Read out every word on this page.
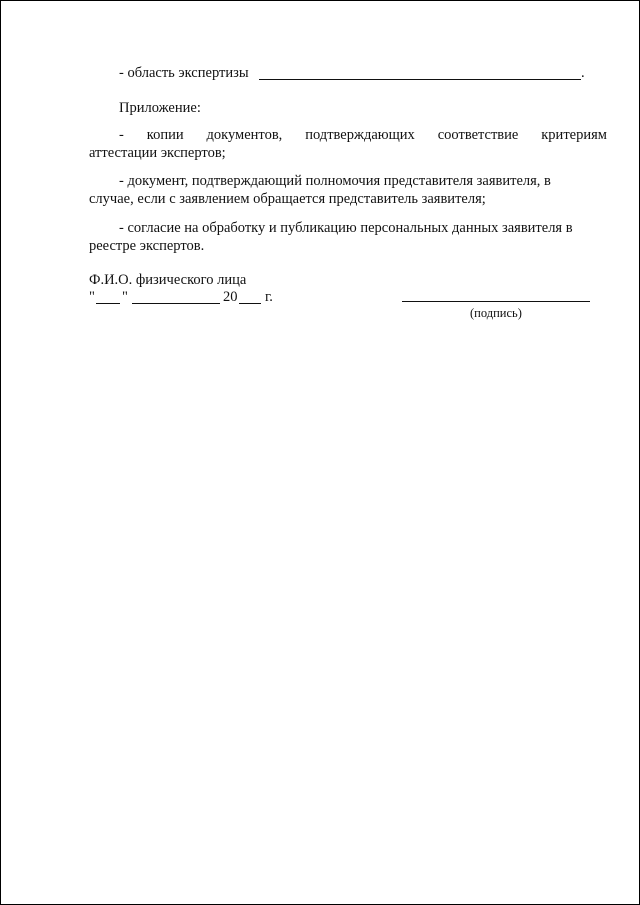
- область экспертизы	.
Приложение:
- копии документов, подтверждающих соответствие критериям
аттестации экспертов;
- документ, подтверждающий полномочия представителя заявителя, в
случае, если с заявлением обращается представитель заявителя;
- согласие на обработку и публикацию персональных данных заявителя в
реестре экспертов.
Ф.И.О. физического лица
" "	20 г.
(подпись)
